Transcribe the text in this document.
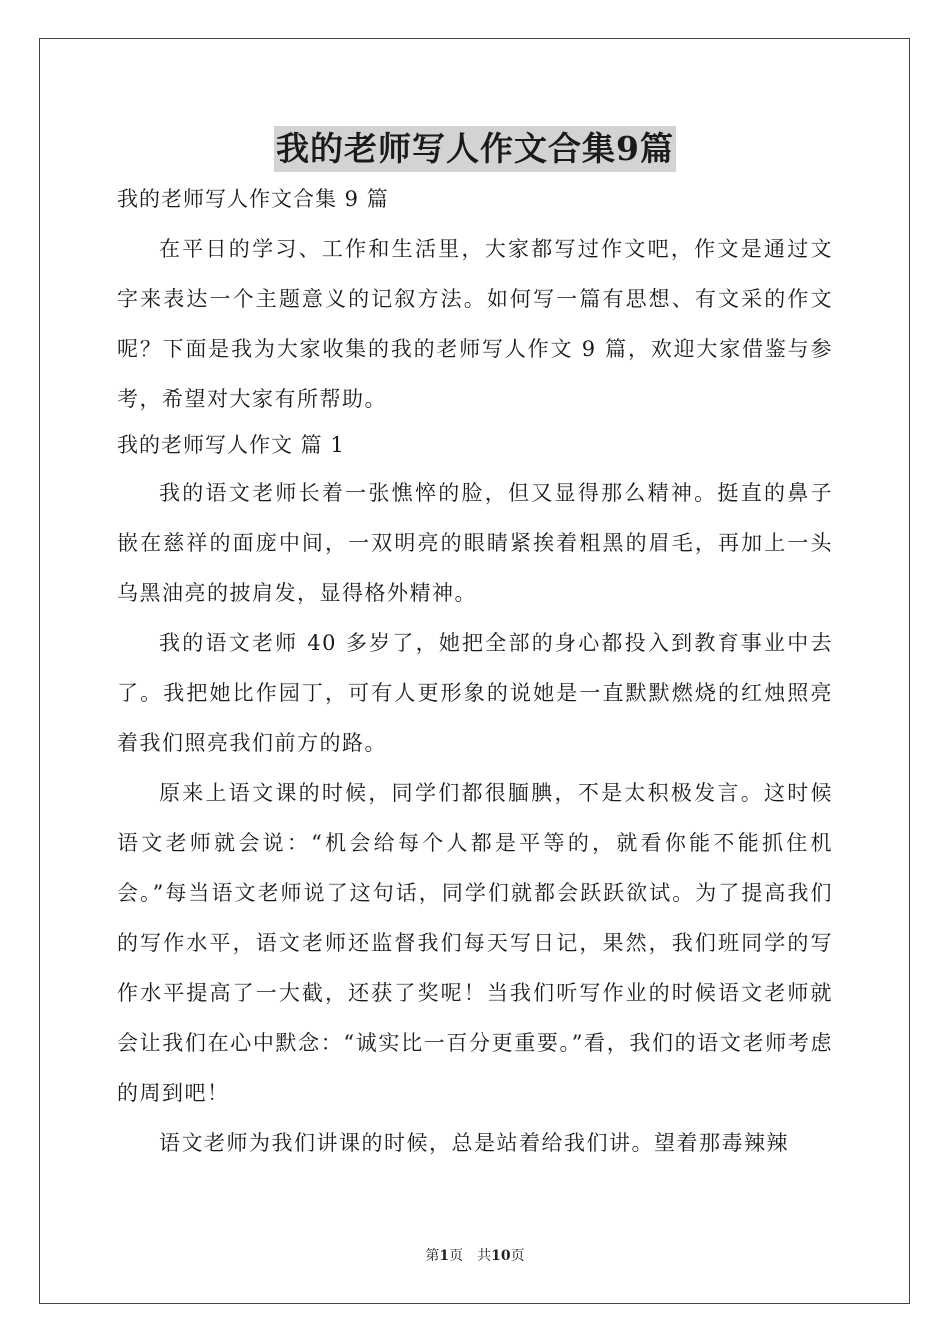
我的老师写人作文合集9篇

我的老师写人作文合集 9 篇

在平日的学习、工作和生活里，大家都写过作文吧，作文是通过文字来表达一个主题意义的记叙方法。如何写一篇有思想、有文采的作文呢？下面是我为大家收集的我的老师写人作文 9 篇，欢迎大家借鉴与参考，希望对大家有所帮助。

我的老师写人作文 篇 1

我的语文老师长着一张憔悴的脸，但又显得那么精神。挺直的鼻子嵌在慈祥的面庞中间，一双明亮的眼睛紧挨着粗黑的眉毛，再加上一头乌黑油亮的披肩发，显得格外精神。

我的语文老师 40 多岁了，她把全部的身心都投入到教育事业中去了。我把她比作园丁，可有人更形象的说她是一直默默燃烧的红烛照亮着我们照亮我们前方的路。

原来上语文课的时候，同学们都很腼腆，不是太积极发言。这时候语文老师就会说：“机会给每个人都是平等的，就看你能不能抓住机会。”每当语文老师说了这句话，同学们就都会跃跃欲试。为了提高我们的写作水平，语文老师还监督我们每天写日记，果然，我们班同学的写作水平提高了一大截，还获了奖呢！当我们听写作业的时候语文老师就会让我们在心中默念：“诚实比一百分更重要。”看，我们的语文老师考虑的周到吧！

语文老师为我们讲课的时候，总是站着给我们讲。望着那毒辣辣

第1页　共10页
